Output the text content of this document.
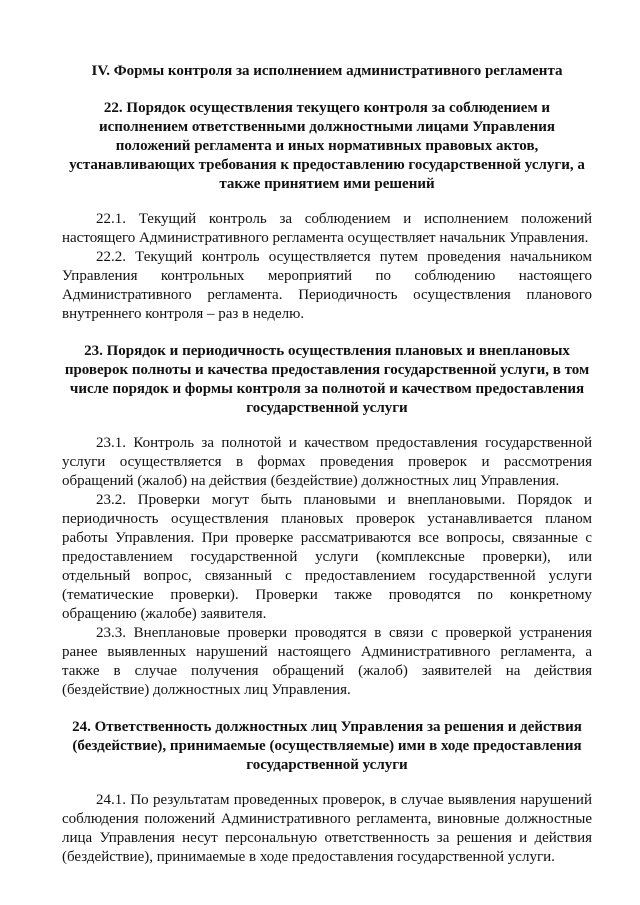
IV. Формы контроля за исполнением административного регламента

22. Порядок осуществления текущего контроля за соблюдением и исполнением ответственными должностными лицами Управления положений регламента и иных нормативных правовых актов, устанавливающих требования к предоставлению государственной услуги, а также принятием ими решений

22.1. Текущий контроль за соблюдением и исполнением положений настоящего Административного регламента осуществляет начальник Управления.

22.2. Текущий контроль осуществляется путем проведения начальником Управления контрольных мероприятий по соблюдению настоящего Административного регламента. Периодичность осуществления планового внутреннего контроля – раз в неделю.

23. Порядок и периодичность осуществления плановых и внеплановых проверок полноты и качества предоставления государственной услуги, в том числе порядок и формы контроля за полнотой и качеством предоставления государственной услуги

23.1. Контроль за полнотой и качеством предоставления государственной услуги осуществляется в формах проведения проверок и рассмотрения обращений (жалоб) на действия (бездействие) должностных лиц Управления.

23.2. Проверки могут быть плановыми и внеплановыми. Порядок и периодичность осуществления плановых проверок устанавливается планом работы Управления. При проверке рассматриваются все вопросы, связанные с предоставлением государственной услуги (комплексные проверки), или отдельный вопрос, связанный с предоставлением государственной услуги (тематические проверки). Проверки также проводятся по конкретному обращению (жалобе) заявителя.

23.3. Внеплановые проверки проводятся в связи с проверкой устранения ранее выявленных нарушений настоящего Административного регламента, а также в случае получения обращений (жалоб) заявителей на действия (бездействие) должностных лиц Управления.

24. Ответственность должностных лиц Управления за решения и действия (бездействие), принимаемые (осуществляемые) ими в ходе предоставления государственной услуги

24.1. По результатам проведенных проверок, в случае выявления нарушений соблюдения положений Административного регламента, виновные должностные лица Управления несут персональную ответственность за решения и действия (бездействие), принимаемые в ходе предоставления государственной услуги.
